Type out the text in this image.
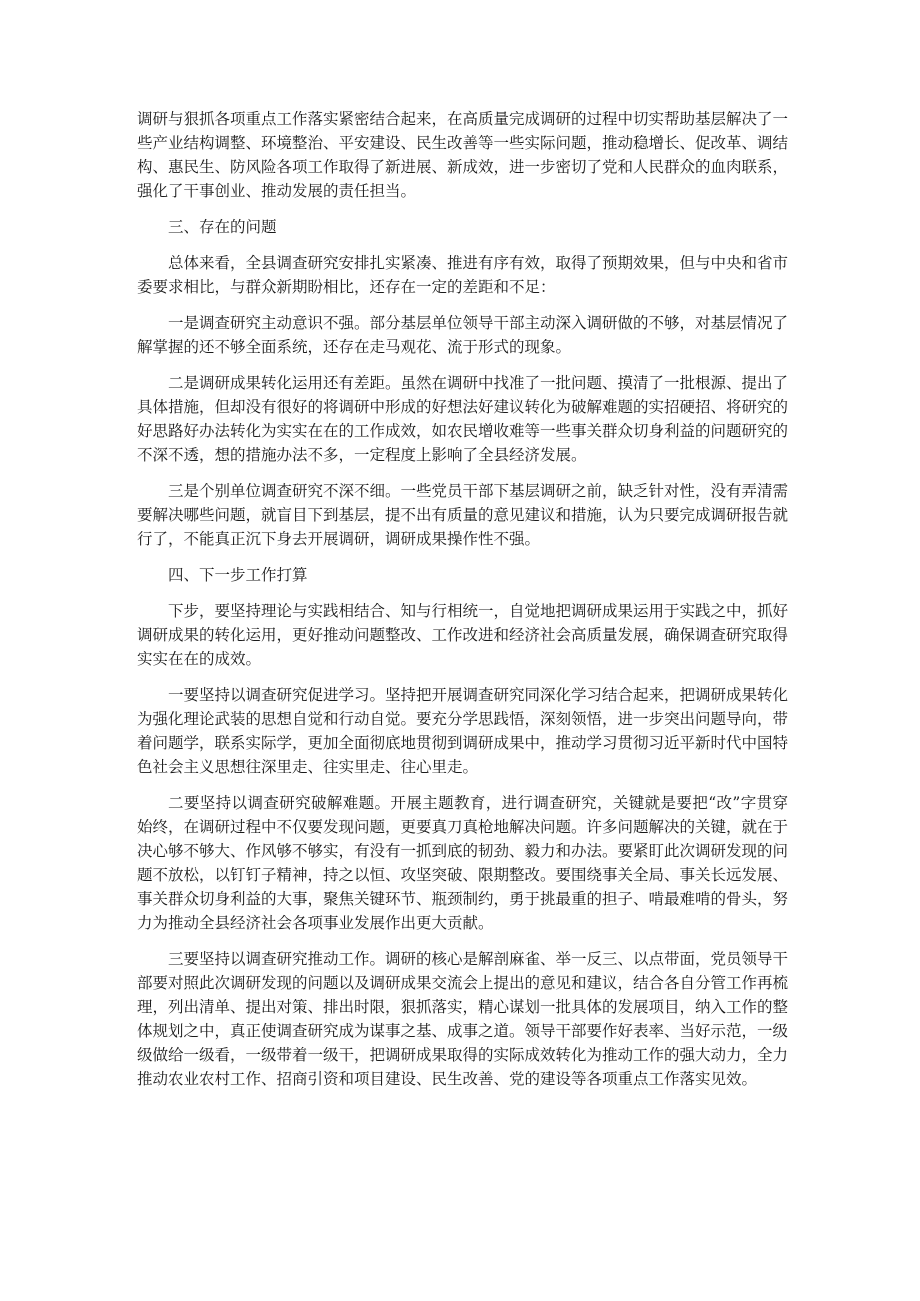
调研与狠抓各项重点工作落实紧密结合起来，在高质量完成调研的过程中切实帮助基层解决了一些产业结构调整、环境整治、平安建设、民生改善等一些实际问题，推动稳增长、促改革、调结构、惠民生、防风险各项工作取得了新进展、新成效，进一步密切了党和人民群众的血肉联系，强化了干事创业、推动发展的责任担当。

三、存在的问题

总体来看，全县调查研究安排扎实紧凑、推进有序有效，取得了预期效果，但与中央和省市委要求相比，与群众新期盼相比，还存在一定的差距和不足：

一是调查研究主动意识不强。部分基层单位领导干部主动深入调研做的不够，对基层情况了解掌握的还不够全面系统，还存在走马观花、流于形式的现象。

二是调研成果转化运用还有差距。虽然在调研中找准了一批问题、摸清了一批根源、提出了具体措施，但却没有很好的将调研中形成的好想法好建议转化为破解难题的实招硬招、将研究的好思路好办法转化为实实在在的工作成效，如农民增收难等一些事关群众切身利益的问题研究的不深不透，想的措施办法不多，一定程度上影响了全县经济发展。

三是个别单位调查研究不深不细。一些党员干部下基层调研之前，缺乏针对性，没有弄清需要解决哪些问题，就盲目下到基层，提不出有质量的意见建议和措施，认为只要完成调研报告就行了，不能真正沉下身去开展调研，调研成果操作性不强。

四、下一步工作打算

下步，要坚持理论与实践相结合、知与行相统一，自觉地把调研成果运用于实践之中，抓好调研成果的转化运用，更好推动问题整改、工作改进和经济社会高质量发展，确保调查研究取得实实在在的成效。

一要坚持以调查研究促进学习。坚持把开展调查研究同深化学习结合起来，把调研成果转化为强化理论武装的思想自觉和行动自觉。要充分学思践悟，深刻领悟，进一步突出问题导向，带着问题学，联系实际学，更加全面彻底地贯彻到调研成果中，推动学习贯彻习近平新时代中国特色社会主义思想往深里走、往实里走、往心里走。

二要坚持以调查研究破解难题。开展主题教育，进行调查研究，关键就是要把“改”字贯穿始终，在调研过程中不仅要发现问题，更要真刀真枪地解决问题。许多问题解决的关键，就在于决心够不够大、作风够不够实，有没有一抓到底的韧劲、毅力和办法。要紧盯此次调研发现的问题不放松，以钉钉子精神，持之以恒、攻坚突破、限期整改。要围绕事关全局、事关长远发展、事关群众切身利益的大事，聚焦关键环节、瓶颈制约，勇于挑最重的担子、啃最难啃的骨头，努力为推动全县经济社会各项事业发展作出更大贡献。

三要坚持以调查研究推动工作。调研的核心是解剖麻雀、举一反三、以点带面，党员领导干部要对照此次调研发现的问题以及调研成果交流会上提出的意见和建议，结合各自分管工作再梳理，列出清单、提出对策、排出时限，狠抓落实，精心谋划一批具体的发展项目，纳入工作的整体规划之中，真正使调查研究成为谋事之基、成事之道。领导干部要作好表率、当好示范，一级级做给一级看，一级带着一级干，把调研成果取得的实际成效转化为推动工作的强大动力，全力推动农业农村工作、招商引资和项目建设、民生改善、党的建设等各项重点工作落实见效。
